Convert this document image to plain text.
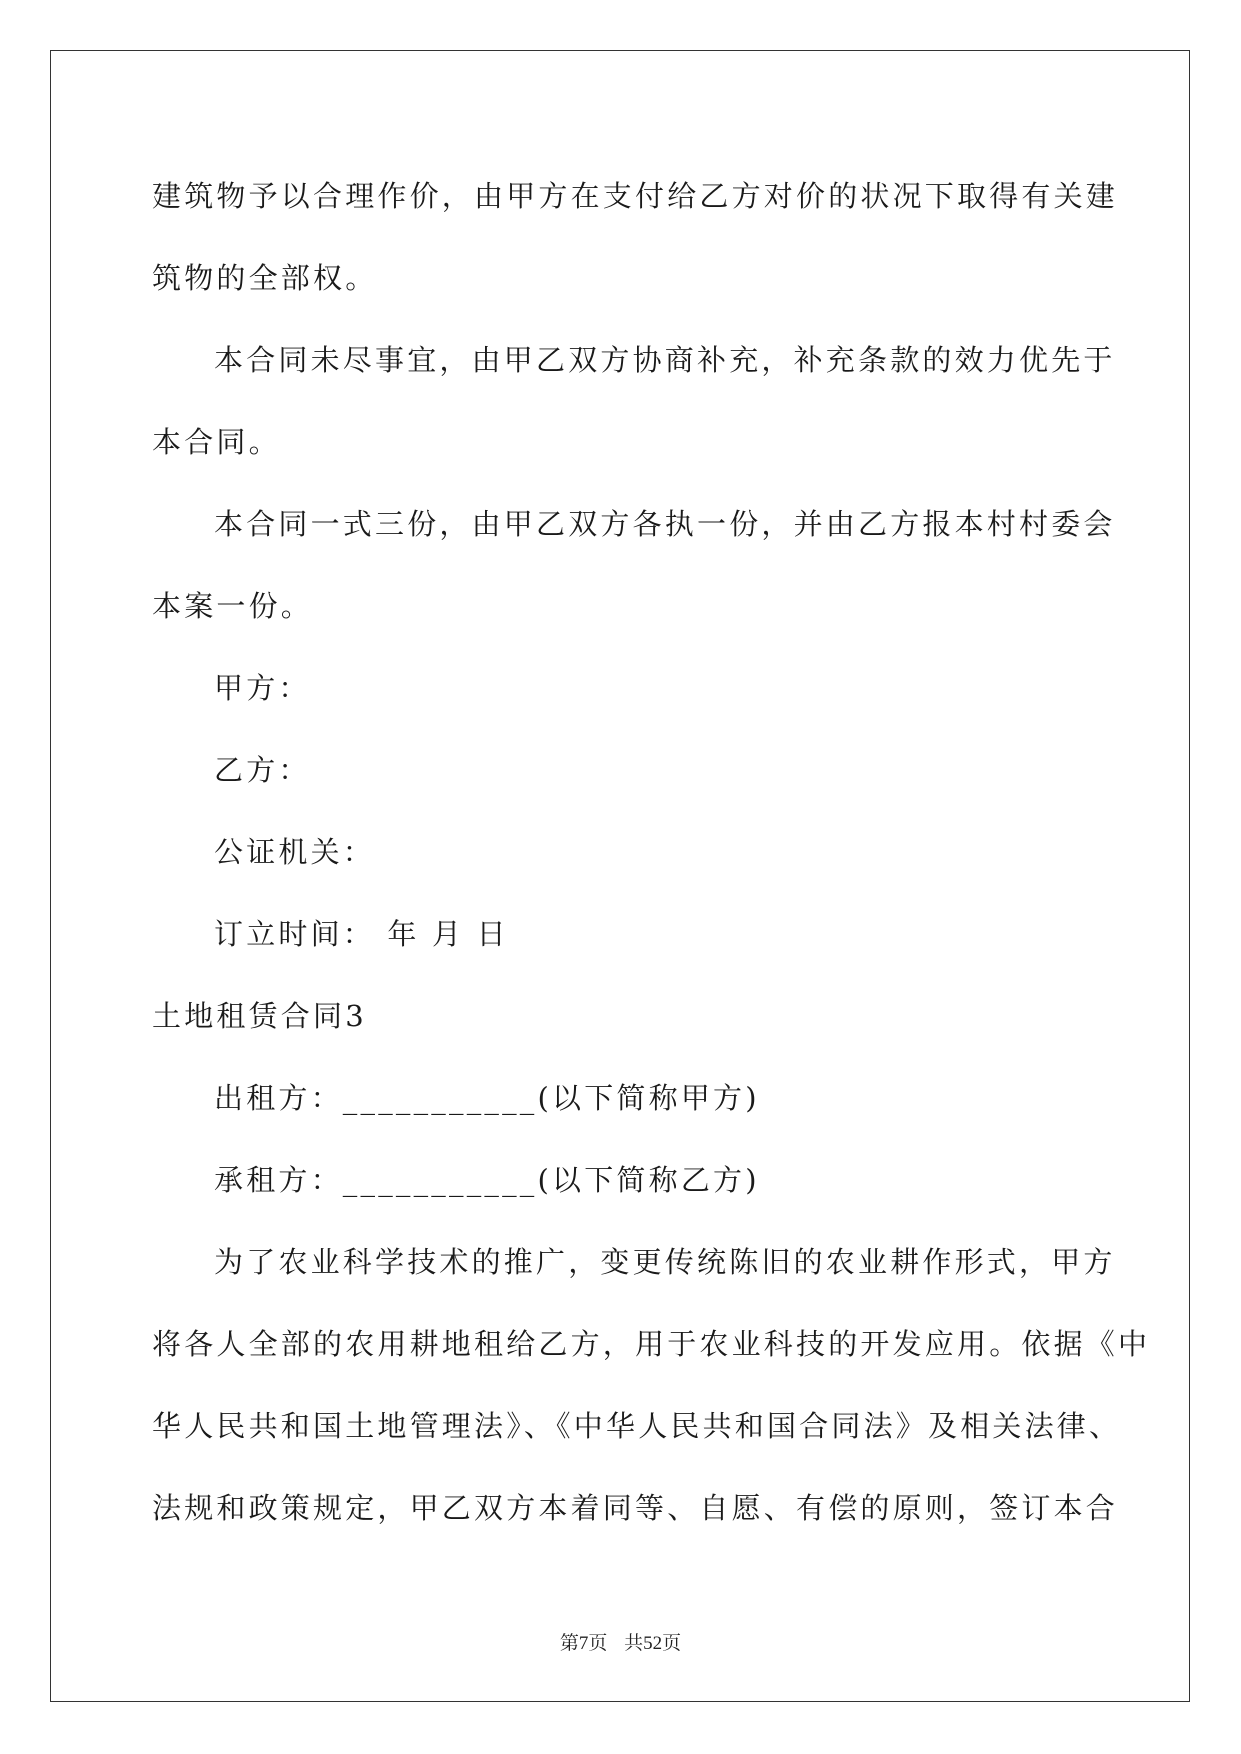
建筑物予以合理作价，由甲方在支付给乙方对价的状况下取得有关建
筑物的全部权。
本合同未尽事宜，由甲乙双方协商补充，补充条款的效力优先于
本合同。
本合同一式三份，由甲乙双方各执一份，并由乙方报本村村委会
本案一份。
甲方：
乙方：
公证机关：
订立时间： 年 月 日
土地租赁合同3
出租方：___________(以下简称甲方)
承租方：___________(以下简称乙方)
为了农业科学技术的推广，变更传统陈旧的农业耕作形式，甲方
将各人全部的农用耕地租给乙方，用于农业科技的开发应用。依据《中
华人民共和国土地管理法》、《中华人民共和国合同法》及相关法律、
法规和政策规定，甲乙双方本着同等、自愿、有偿的原则，签订本合
第7页 共52页
